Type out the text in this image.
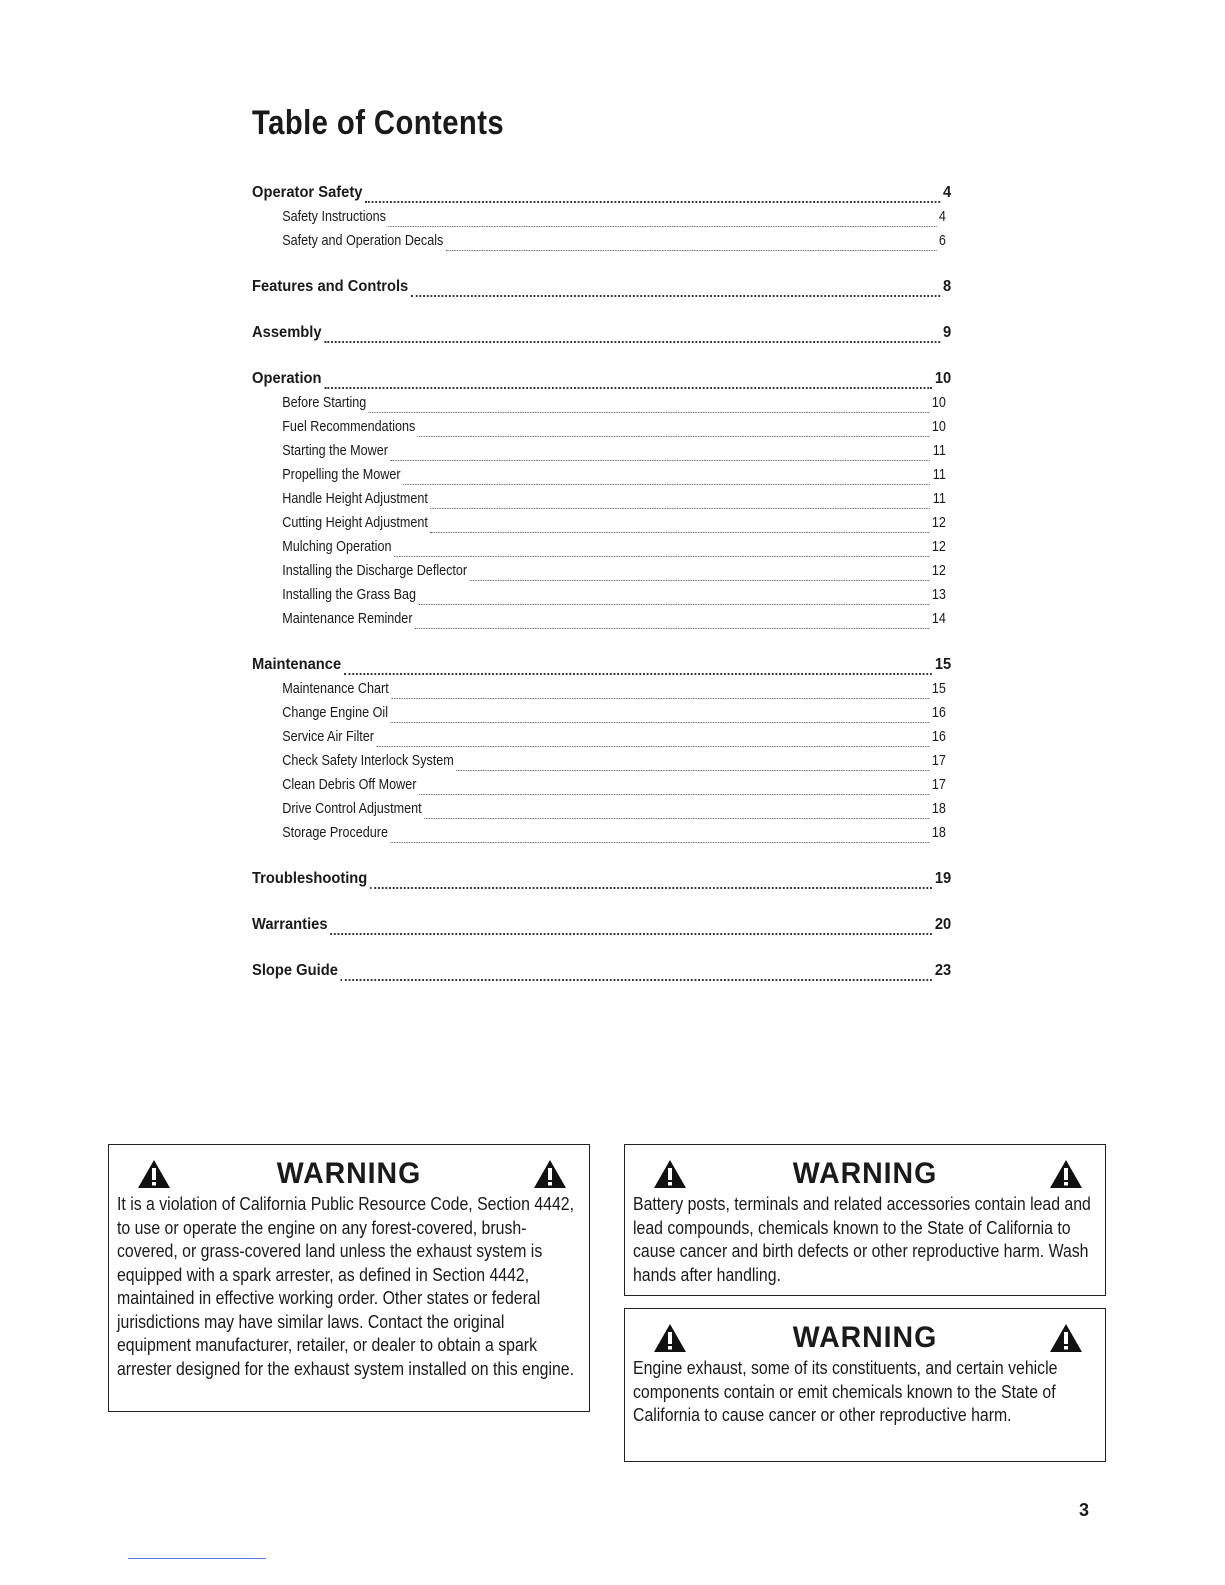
Table of Contents
Operator Safety	4
Safety Instructions	4
Safety and Operation Decals	6
Features and Controls	8
Assembly	9
Operation	10
Before Starting	10
Fuel Recommendations	10
Starting the Mower	11
Propelling the Mower	11
Handle Height Adjustment	11
Cutting Height Adjustment	12
Mulching Operation	12
Installing the Discharge Deflector	12
Installing the Grass Bag	13
Maintenance Reminder	14
Maintenance	15
Maintenance Chart	15
Change Engine Oil	16
Service Air Filter	16
Check Safety Interlock System	17
Clean Debris Off Mower	17
Drive Control Adjustment	18
Storage Procedure	18
Troubleshooting	19
Warranties	20
Slope Guide	23
WARNING

It is a violation of California Public Resource Code, Section 4442, to use or operate the engine on any forest-covered, brush-covered, or grass-covered land unless the exhaust system is equipped with a spark arrester, as defined in Section 4442, maintained in effective working order. Other states or federal jurisdictions may have similar laws. Contact the original equipment manufacturer, retailer, or dealer to obtain a spark arrester designed for the exhaust system installed on this engine.

WARNING

Battery posts, terminals and related accessories contain lead and lead compounds, chemicals known to the State of California to cause cancer and birth defects or other reproductive harm. Wash hands after handling.

WARNING

Engine exhaust, some of its constituents, and certain vehicle components contain or emit chemicals known to the State of California to cause cancer or other reproductive harm.

3
